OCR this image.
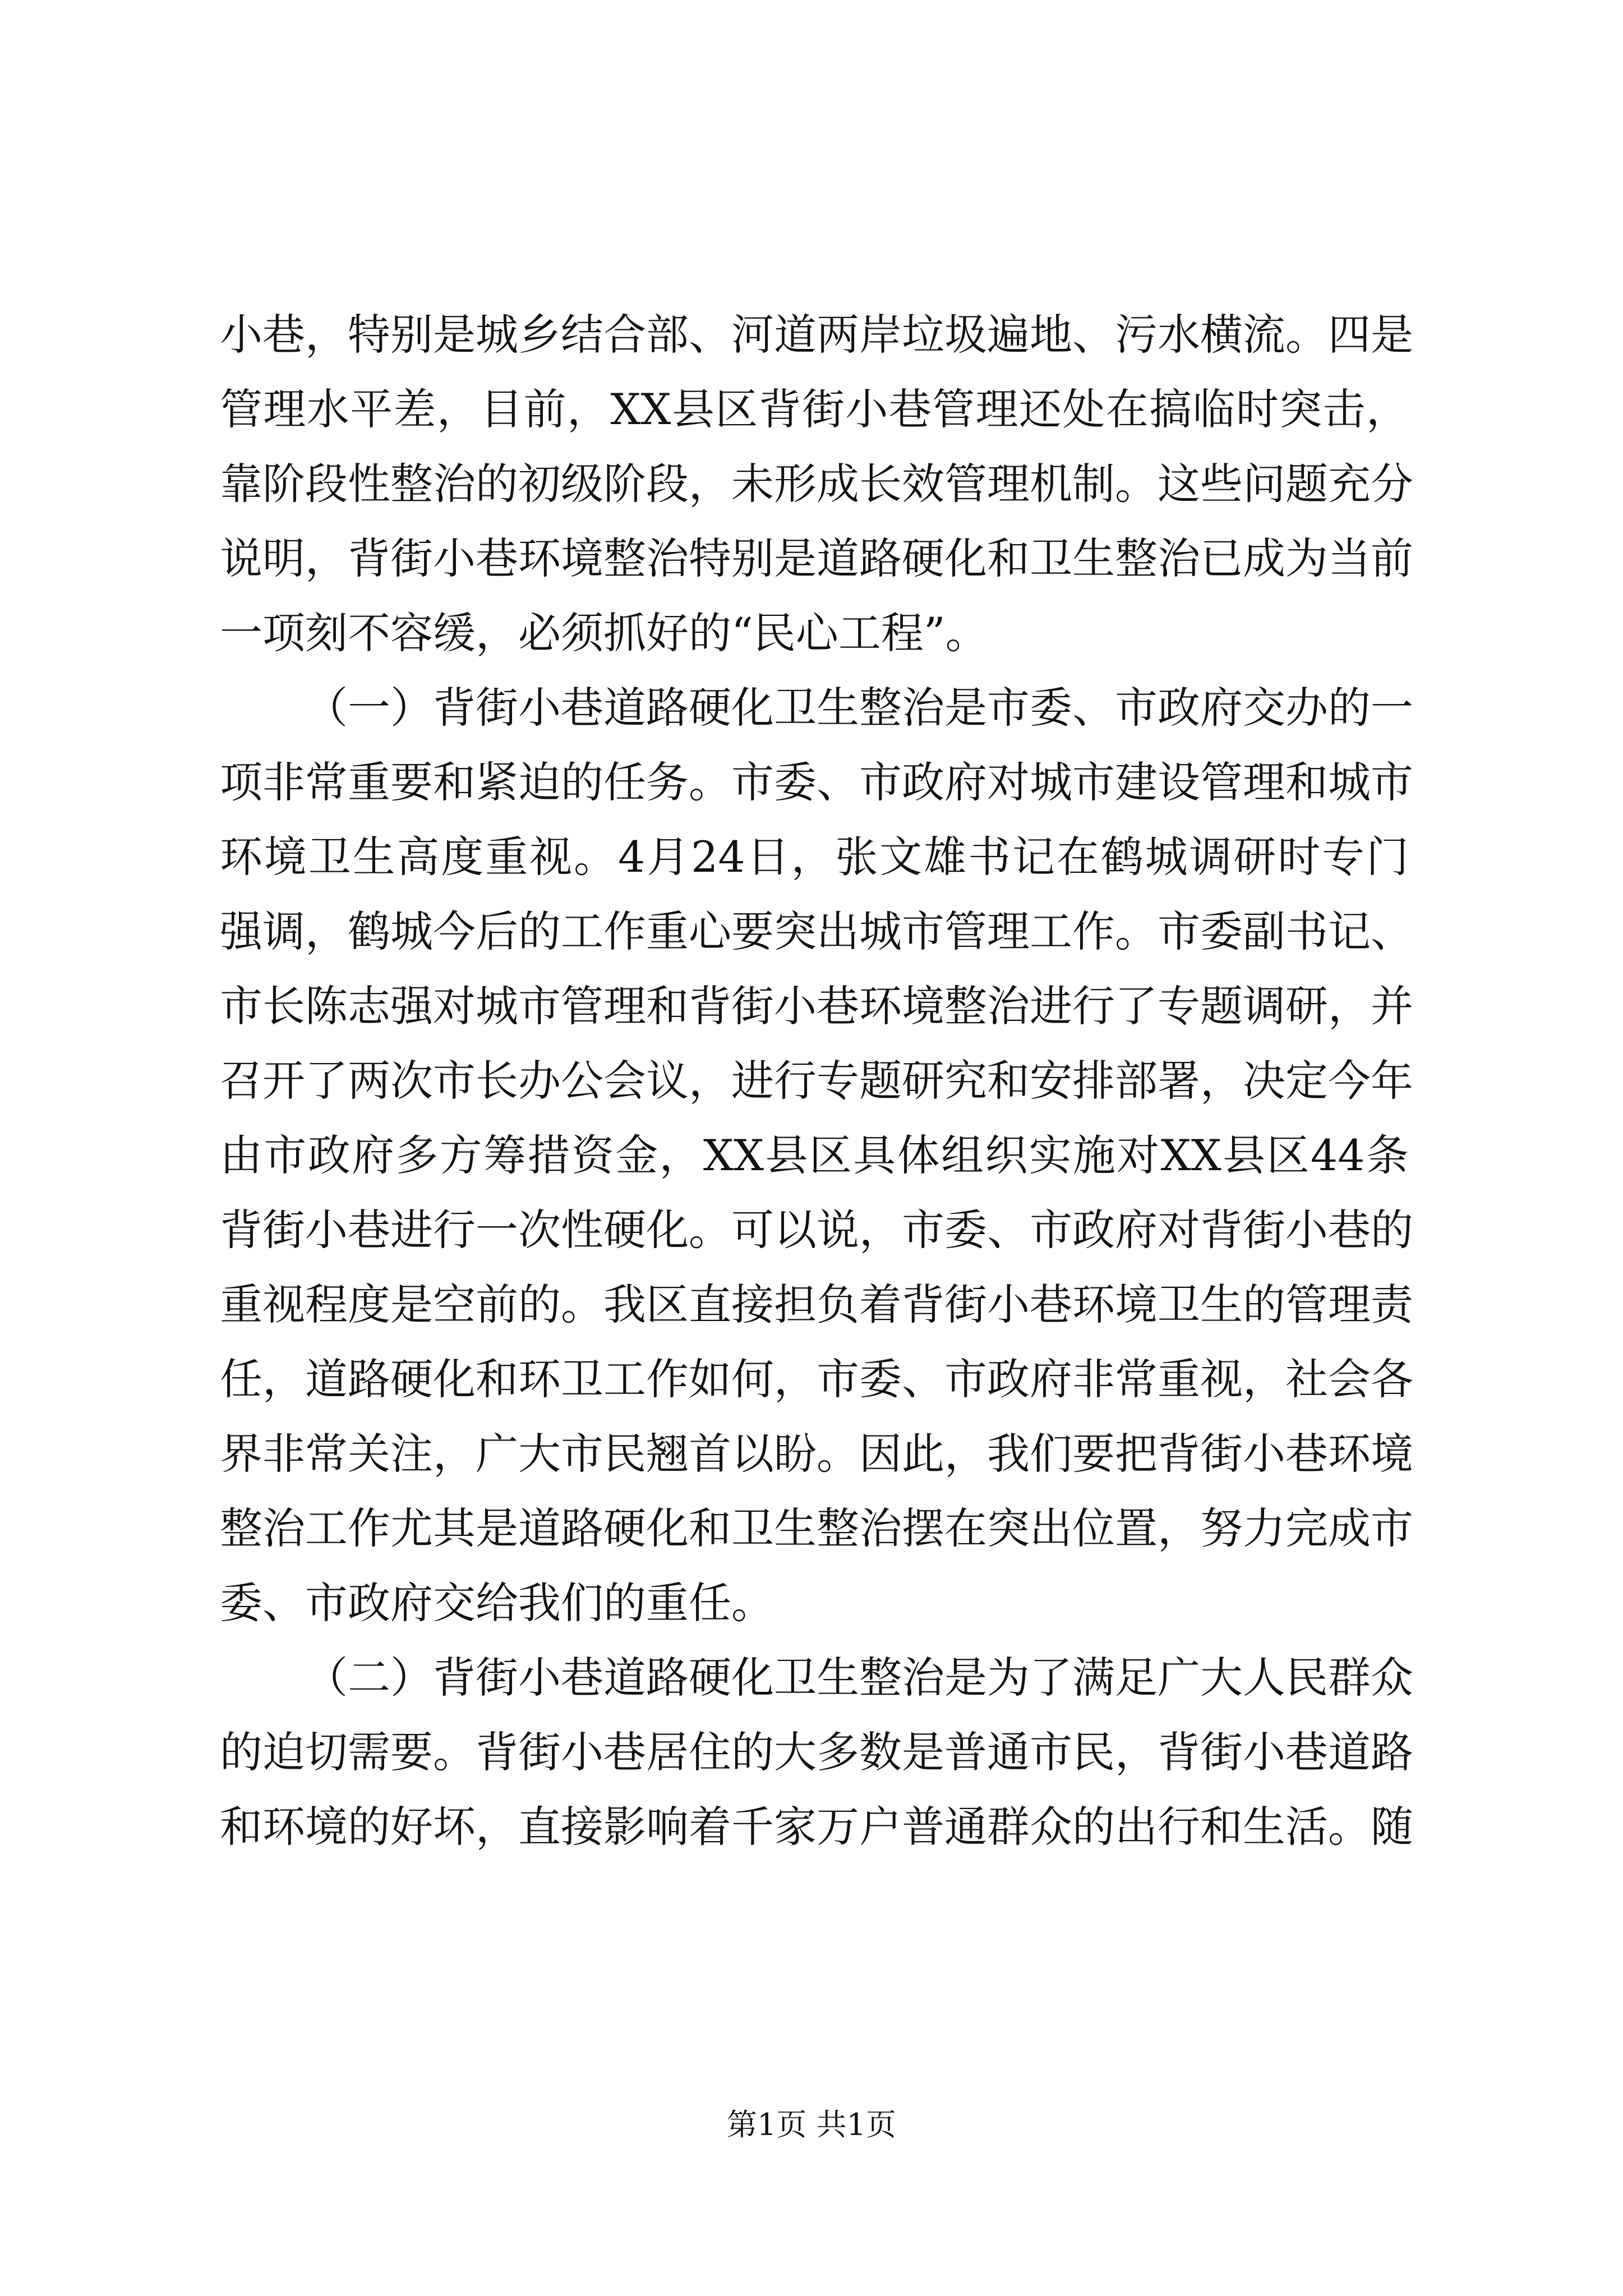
小巷，特别是城乡结合部、河道两岸垃圾遍地、污水横流。四是
管理水平差，目前，XX县区背街小巷管理还处在搞临时突击，
靠阶段性整治的初级阶段，未形成长效管理机制。这些问题充分
说明，背街小巷环境整治特别是道路硬化和卫生整治已成为当前
一项刻不容缓，必须抓好的“民心工程”。
（一）背街小巷道路硬化卫生整治是市委、市政府交办的一
项非常重要和紧迫的任务。市委、市政府对城市建设管理和城市
环境卫生高度重视。4月24日，张文雄书记在鹤城调研时专门
强调，鹤城今后的工作重心要突出城市管理工作。市委副书记、
市长陈志强对城市管理和背街小巷环境整治进行了专题调研，并
召开了两次市长办公会议，进行专题研究和安排部署，决定今年
由市政府多方筹措资金，XX县区具体组织实施对XX县区44条
背街小巷进行一次性硬化。可以说，市委、市政府对背街小巷的
重视程度是空前的。我区直接担负着背街小巷环境卫生的管理责
任，道路硬化和环卫工作如何，市委、市政府非常重视，社会各
界非常关注，广大市民翘首以盼。因此，我们要把背街小巷环境
整治工作尤其是道路硬化和卫生整治摆在突出位置，努力完成市
委、市政府交给我们的重任。
（二）背街小巷道路硬化卫生整治是为了满足广大人民群众
的迫切需要。背街小巷居住的大多数是普通市民，背街小巷道路
和环境的好坏，直接影响着千家万户普通群众的出行和生活。随
第1页 共1页
